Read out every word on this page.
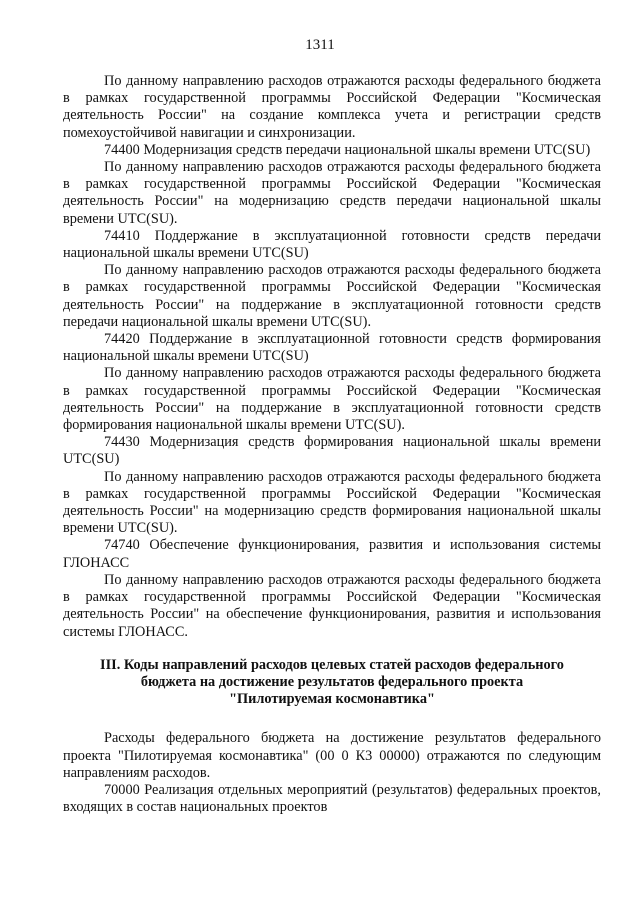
1311

По данному направлению расходов отражаются расходы федерального бюджета в рамках государственной программы Российской Федерации "Космическая деятельность России" на создание комплекса учета и регистрации средств помехоустойчивой навигации и синхронизации.

74400 Модернизация средств передачи национальной шкалы времени UTC(SU)

По данному направлению расходов отражаются расходы федерального бюджета в рамках государственной программы Российской Федерации "Космическая деятельность России" на модернизацию средств передачи национальной шкалы времени UTC(SU).

74410 Поддержание в эксплуатационной готовности средств передачи национальной шкалы времени UTC(SU)

По данному направлению расходов отражаются расходы федерального бюджета в рамках государственной программы Российской Федерации "Космическая деятельность России" на поддержание в эксплуатационной готовности средств передачи национальной шкалы времени UTC(SU).

74420 Поддержание в эксплуатационной готовности средств формирования национальной шкалы времени UTC(SU)

По данному направлению расходов отражаются расходы федерального бюджета в рамках государственной программы Российской Федерации "Космическая деятельность России" на поддержание в эксплуатационной готовности средств формирования национальной шкалы времени UTC(SU).

74430 Модернизация средств формирования национальной шкалы времени UTC(SU)

По данному направлению расходов отражаются расходы федерального бюджета в рамках государственной программы Российской Федерации "Космическая деятельность России" на модернизацию средств формирования национальной шкалы времени UTC(SU).

74740 Обеспечение функционирования, развития и использования системы ГЛОНАСС

По данному направлению расходов отражаются расходы федерального бюджета в рамках государственной программы Российской Федерации "Космическая деятельность России" на обеспечение функционирования, развития и использования системы ГЛОНАСС.

III. Коды направлений расходов целевых статей расходов федерального
бюджета на достижение результатов федерального проекта
"Пилотируемая космонавтика"

Расходы федерального бюджета на достижение результатов федерального проекта "Пилотируемая космонавтика" (00 0 К3 00000) отражаются по следующим направлениям расходов.

70000 Реализация отдельных мероприятий (результатов) федеральных проектов, входящих в состав национальных проектов
